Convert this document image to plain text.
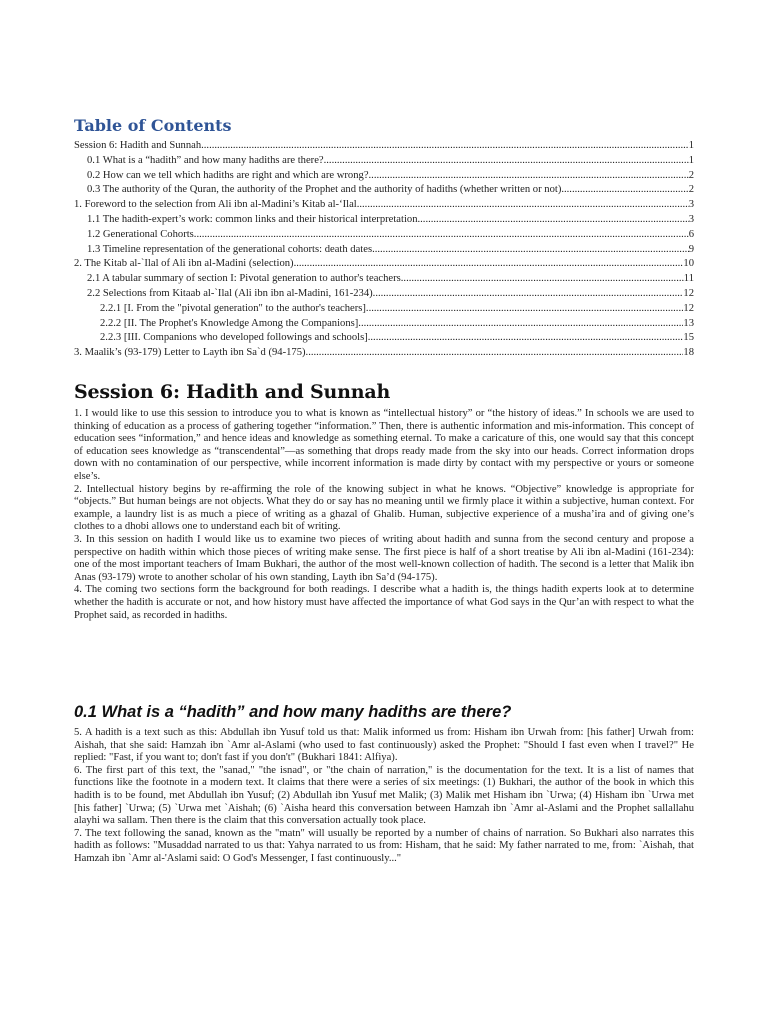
Table of Contents
Session 6: Hadith and Sunnah .....	1
0.1 What is a “hadith” and how many hadiths are there? .....	1
0.2 How can we tell which hadiths are right and which are wrong? .....	2
0.3 The authority of the Quran, the authority of the Prophet and the authority of hadiths (whether written or not) .....	2
1. Foreword to the selection from Ali ibn al-Madini’s Kitab al-‘Ilal .....	3
1.1 The hadith-expert’s work: common links and their historical interpretation .....	3
1.2 Generational Cohorts .....	6
1.3 Timeline representation of the generational cohorts: death dates .....	9
2. The Kitab al-`Ilal of Ali ibn al-Madini (selection) .....	10
2.1 A tabular summary of section I: Pivotal generation to author's teachers .....	11
2.2 Selections from Kitaab al-`Ilal (Ali ibn ibn al-Madini, 161-234) .....	12
2.2.1 [I. From the "pivotal generation" to the author's teachers] .....	12
2.2.2 [II. The Prophet's Knowledge Among the Companions] .....	13
2.2.3 [III. Companions who developed followings and schools] .....	15
3. Maalik’s (93-179) Letter to Layth ibn Sa`d (94-175) .....	18
Session 6: Hadith and Sunnah

1. I would like to use this session to introduce you to what is known as “intellectual history” or “the history of ideas.” In schools we are used to thinking of education as a process of gathering together “information.” Then, there is authentic information and mis-information. This concept of education sees “information,” and hence ideas and knowledge as something eternal. To make a caricature of this, one would say that this concept of education sees knowledge as “transcendental”—as something that drops ready made from the sky into our heads. Correct information drops down with no contamination of our perspective, while incorrent information is made dirty by contact with my perspective or yours or someone else’s.

2. Intellectual history begins by re-affirming the role of the knowing subject in what he knows. “Objective” knowledge is appropriate for “objects.” But human beings are not objects. What they do or say has no meaning until we firmly place it within a subjective, human context. For example, a laundry list is as much a piece of writing as a ghazal of Ghalib. Human, subjective experience of a musha’ira and of giving one’s clothes to a dhobi allows one to understand each bit of writing.

3. In this session on hadith I would like us to examine two pieces of writing about hadith and sunna from the second century and propose a perspective on hadith within which those pieces of writing make sense. The first piece is half of a short treatise by Ali ibn al-Madini (161-234): one of the most important teachers of Imam Bukhari, the author of the most well-known collection of hadith. The second is a letter that Malik ibn Anas (93-179) wrote to another scholar of his own standing, Layth ibn Sa’d (94-175).

4. The coming two sections form the background for both readings. I describe what a hadith is, the things hadith experts look at to determine whether the hadith is accurate or not, and how history must have affected the importance of what God says in the Qur’an with respect to what the Prophet said, as recorded in hadiths.

0.1 What is a “hadith” and how many hadiths are there?

5. A hadith is a text such as this: Abdullah ibn Yusuf told us that: Malik informed us from: Hisham ibn Urwah from: [his father] Urwah from: Aishah, that she said: Hamzah ibn `Amr al-Aslami (who used to fast continuously) asked the Prophet: "Should I fast even when I travel?" He replied: "Fast, if you want to; don't fast if you don't" (Bukhari 1841: Alfiya).

6. The first part of this text, the "sanad," "the isnad", or "the chain of narration," is the documentation for the text. It is a list of names that functions like the footnote in a modern text. It claims that there were a series of six meetings: (1) Bukhari, the author of the book in which this hadith is to be found, met Abdullah ibn Yusuf; (2) Abdullah ibn Yusuf met Malik; (3) Malik met Hisham ibn `Urwa; (4) Hisham ibn `Urwa met [his father] `Urwa; (5) `Urwa met `Aishah; (6) `Aisha heard this conversation between Hamzah ibn `Amr al-Aslami and the Prophet sallallahu alayhi wa sallam. Then there is the claim that this conversation actually took place.

7. The text following the sanad, known as the "matn" will usually be reported by a number of chains of narration. So Bukhari also narrates this hadith as follows: "Musaddad narrated to us that: Yahya narrated to us from: Hisham, that he said: My father narrated to me, from: `Aishah, that Hamzah ibn `Amr al-'Aslami said: O God's Messenger, I fast continuously..."
